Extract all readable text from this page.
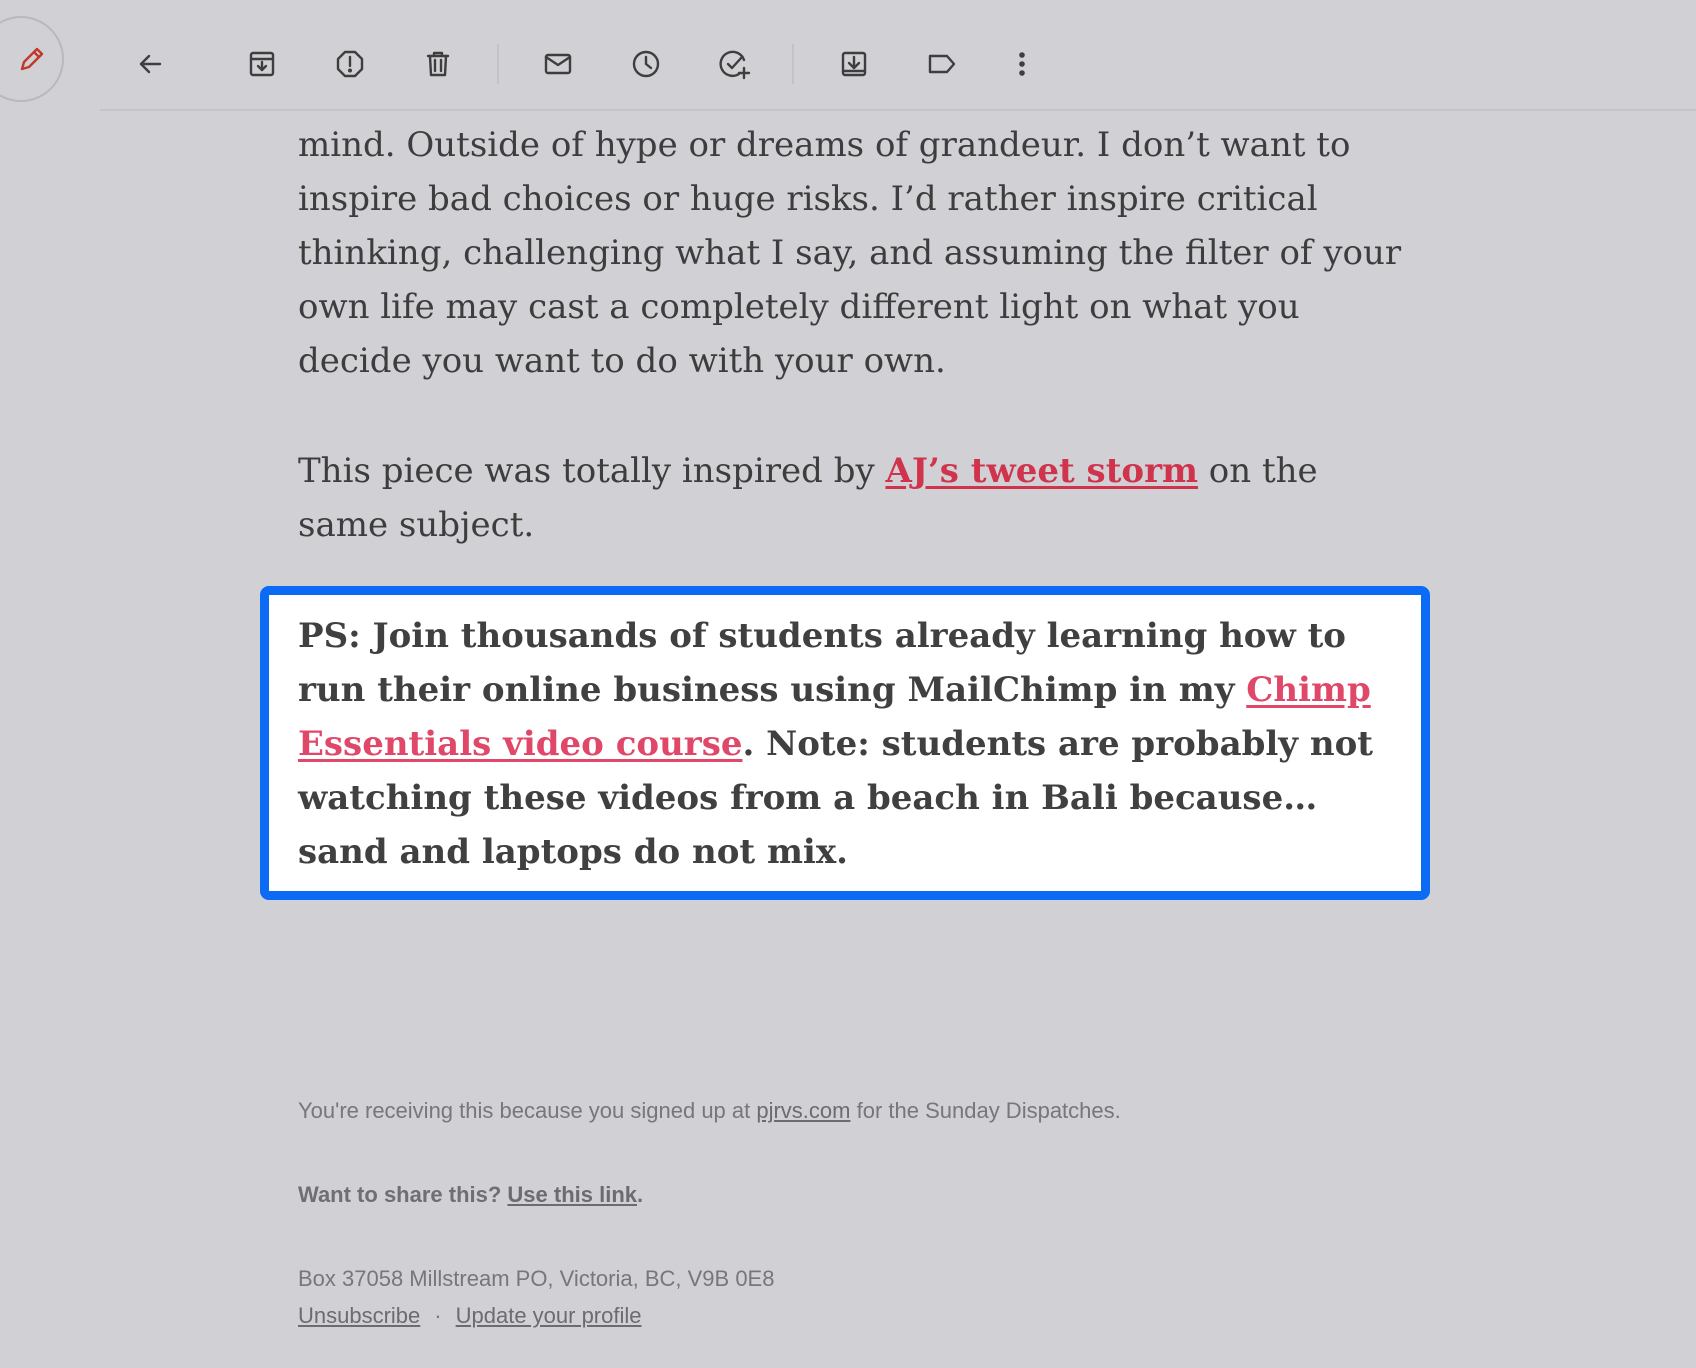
mind. Outside of hype or dreams of grandeur. I don’t want to inspire bad choices or huge risks. I’d rather inspire critical thinking, challenging what I say, and assuming the filter of your own life may cast a completely different light on what you decide you want to do with your own.

This piece was totally inspired by AJ’s tweet storm on the same subject.

PS: Join thousands of students already learning how to run their online business using MailChimp in my Chimp Essentials video course. Note: students are probably not watching these videos from a beach in Bali because… sand and laptops do not mix.

You're receiving this because you signed up at pjrvs.com for the Sunday Dispatches.
Want to share this? Use this link.
Box 37058 Millstream PO, Victoria, BC, V9B 0E8
Unsubscribe · Update your profile
